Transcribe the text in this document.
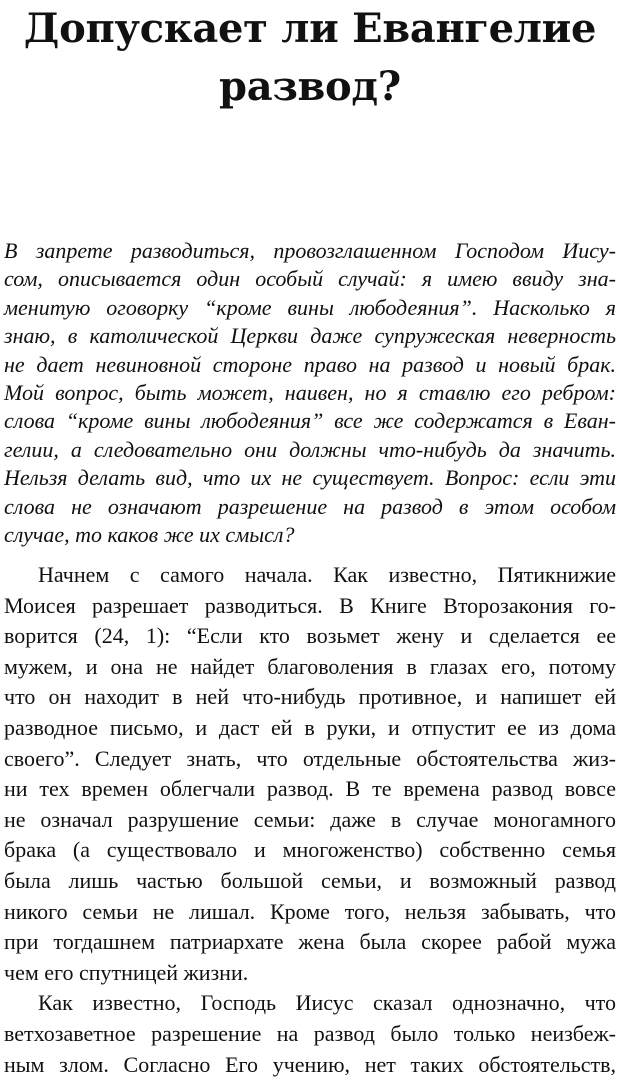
Допускает ли Евангелие
развод?
В запрете разводиться, провозглашенном Господом Иису-
сом, описывается один особый случай: я имею ввиду зна-
менитую оговорку “кроме вины любодеяния”. Насколько я
знаю, в католической Церкви даже супружеская неверность
не дает невиновной стороне право на развод и новый брак.
Мой вопрос, быть может, наивен, но я ставлю его ребром:
слова “кроме вины любодеяния” все же содержатся в Еван-
гелии, а следовательно они должны что-нибудь да значить.
Нельзя делать вид, что их не существует. Вопрос: если эти
слова не означают разрешение на развод в этом особом
случае, то каков же их смысл?
Начнем с самого начала. Как известно, Пятикнижие
Моисея разрешает разводиться. В Книге Второзакония го-
ворится (24, 1): “Если кто возьмет жену и сделается ее
мужем, и она не найдет благоволения в глазах его, потому
что он находит в ней что-нибудь противное, и напишет ей
разводное письмо, и даст ей в руки, и отпустит ее из дома
своего”. Следует знать, что отдельные обстоятельства жиз-
ни тех времен облегчали развод. В те времена развод вовсе
не означал разрушение семьи: даже в случае моногамного
брака (а существовало и многоженство) собственно семья
была лишь частью большой семьи, и возможный развод
никого семьи не лишал. Кроме того, нельзя забывать, что
при тогдашнем патриархате жена была скорее рабой мужа
чем его спутницей жизни.
Как известно, Господь Иисус сказал однозначно, что
ветхозаветное разрешение на развод было только неизбеж-
ным злом. Согласно Его учению, нет таких обстоятельств,
